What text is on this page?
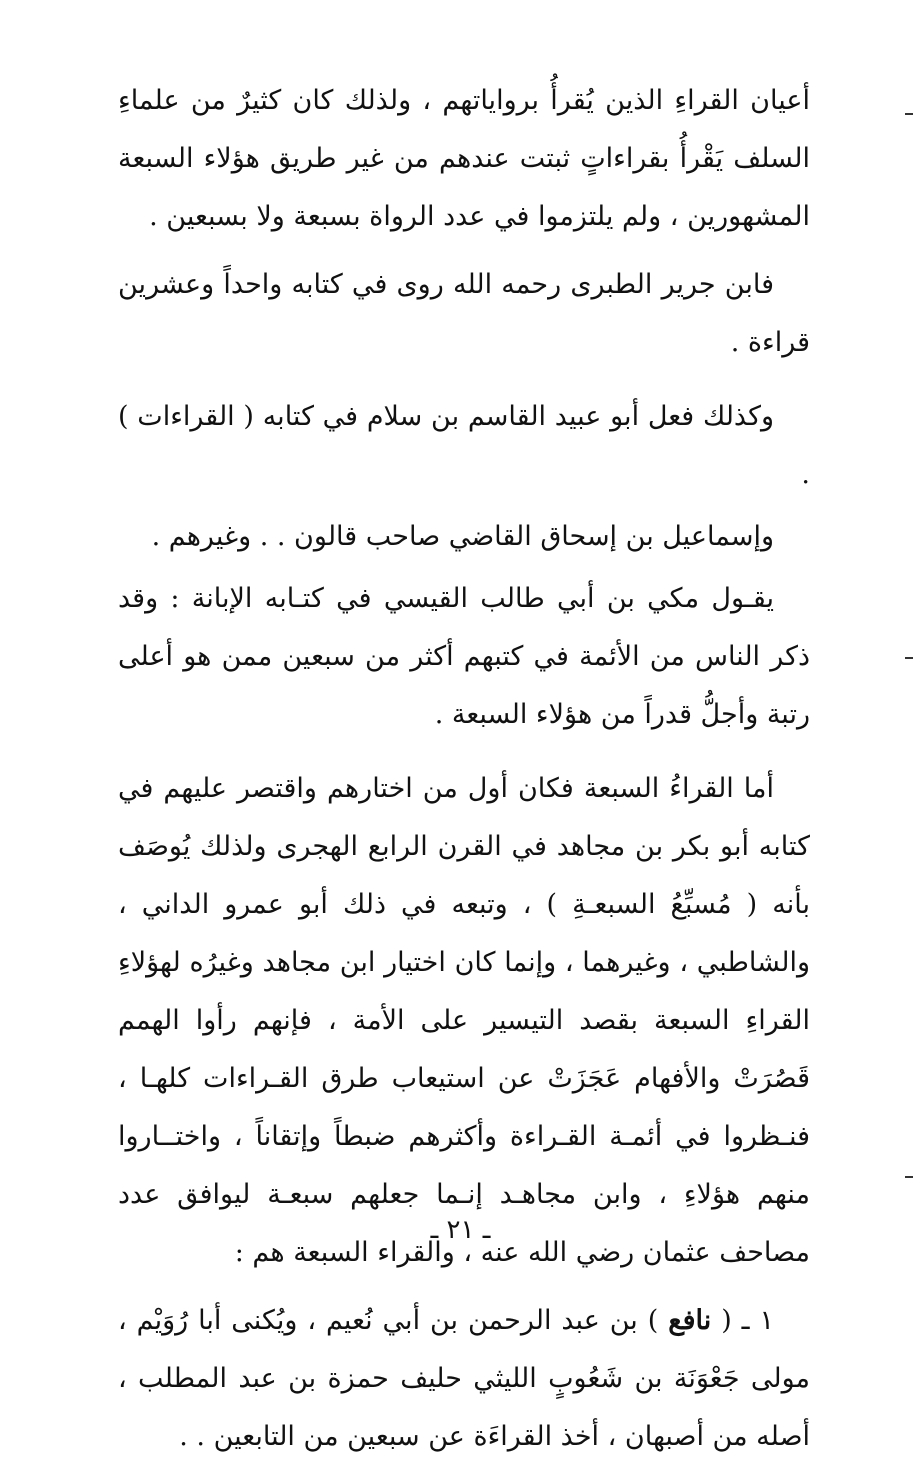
أعيان القراءِ الذين يُقرأُ برواياتهم ، ولذلك كان كثيرٌ من علماءِ السلف يَقْرأُ بقراءاتٍ ثبتت عندهم من غير طريق هؤلاء السبعة المشهورين ، ولم يلتزموا في عدد الرواة بسبعة ولا بسبعين .

فابن جرير الطبرى رحمه الله روى في كتابه واحداً وعشرين قراءة .

وكذلك فعل أبو عبيد القاسم بن سلام في كتابه ( القراءات ) .

وإسماعيل بن إسحاق القاضي صاحب قالون . . وغيرهم .

يقـول مكي بن أبي طالب القيسي في كتـابه الإبانة : وقد ذكر الناس من الأئمة في كتبهم أكثر من سبعين ممن هو أعلى رتبة وأجلُّ قدراً من هؤلاء السبعة .

أما القراءُ السبعة فكان أول من اختارهم واقتصر عليهم في كتابه أبو بكر بن مجاهد في القرن الرابع الهجرى ولذلك يُوصَف بأنه ( مُسبِّعُ السبعـةِ ) ، وتبعه في ذلك أبو عمرو الداني ، والشاطبي ، وغيرهما ، وإنما كان اختيار ابن مجاهد وغيرُه لهؤلاءِ القراءِ السبعة بقصد التيسير على الأمة ، فإنهم رأوا الهمم قَصُرَتْ والأفهام عَجَزَتْ عن استيعاب طرق القـراءات كلهـا ، فنـظروا في أئمـة القـراءة وأكثرهم ضبطاً وإتقاناً ، واختــاروا منهم هؤلاءِ ، وابن مجاهـد إنـما جعلهم سبعـة ليوافق عدد مصاحف عثمان رضي الله عنه ، والقراء السبعة هم :

١ ـ ( نافع ) بن عبد الرحمن بن أبي نُعيم ، ويُكنى أبا رُوَيْم ، مولى جَعْوَنَة بن شَعُوبٍ الليثي حليف حمزة بن عبد المطلب ، أصله من أصبهان ، أخذ القراءَة عن سبعين من التابعين . .

ـ ٢١ ـ
